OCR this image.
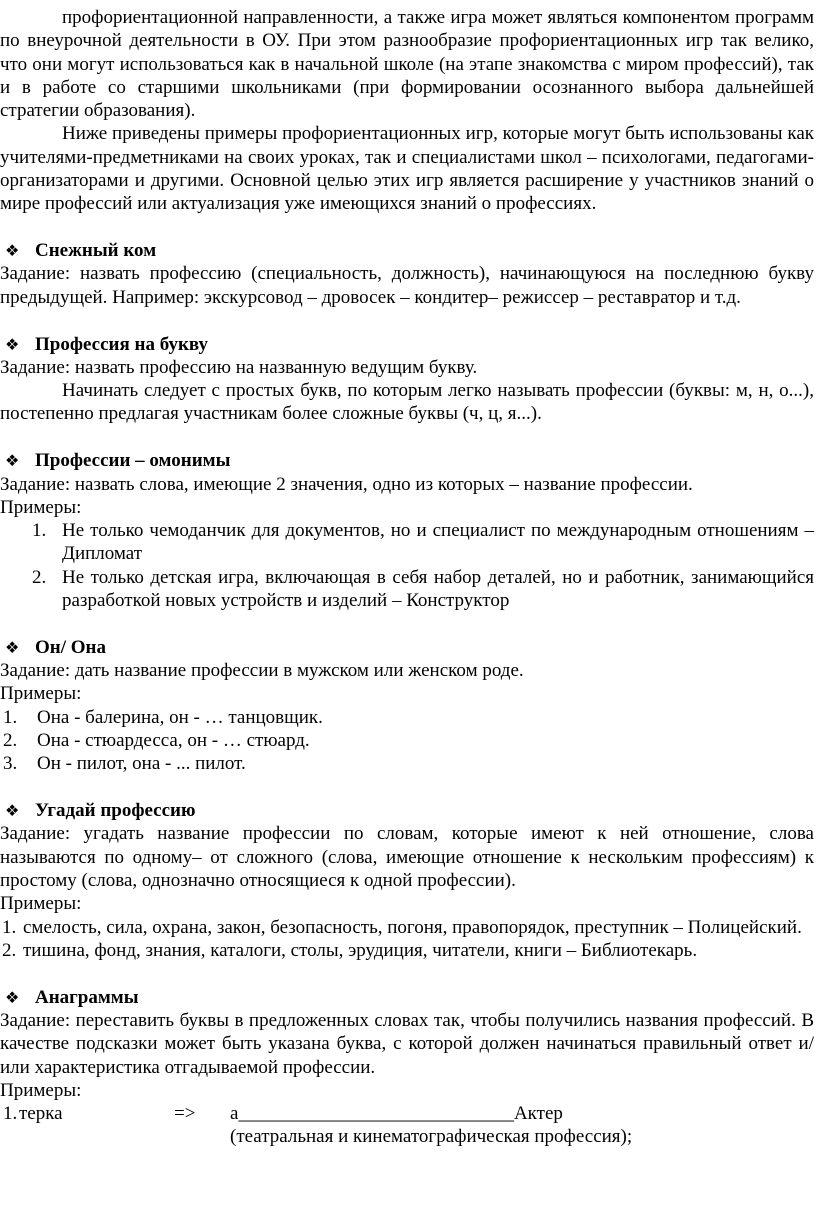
профориентационной направленности, а также игра может являться компонентом программ по внеурочной деятельности в ОУ. При этом разнообразие профориентационных игр так велико, что они могут использоваться как в начальной школе (на этапе знакомства с миром профессий), так и в работе со старшими школьниками (при формировании осознанного выбора дальнейшей стратегии образования).

Ниже приведены примеры профориентационных игр, которые могут быть использованы как учителями-предметниками на своих уроках, так и специалистами школ – психологами, педагогами-организаторами и другими. Основной целью этих игр является расширение у участников знаний о мире профессий или актуализация уже имеющихся знаний о профессиях.

❖ Снежный ком

Задание: назвать профессию (специальность, должность), начинающуюся на последнюю букву предыдущей. Например: экскурсовод – дровосек – кондитер– режиссер – реставратор и т.д.

❖ Профессия на букву

Задание: назвать профессию на названную ведущим букву.

Начинать следует с простых букв, по которым легко называть профессии (буквы: м, н, о...), постепенно предлагая участникам более сложные буквы (ч, ц, я...).

❖ Профессии – омонимы

Задание: назвать слова, имеющие 2 значения, одно из которых – название профессии.

Примеры:

1. Не только чемоданчик для документов, но и специалист по международным отношениям – Дипломат
2. Не только детская игра, включающая в себя набор деталей, но и работник, занимающийся разработкой новых устройств и изделий – Конструктор
❖ Он/ Она

Задание: дать название профессии в мужском или женском роде.

Примеры:

1.	Она - балерина, он - … танцовщик.
2.	Она - стюардесса, он - … стюард.
3.	Он - пилот, она - ... пилот.
❖ Угадай профессию

Задание: угадать название профессии по словам, которые имеют к ней отношение, слова называются по одному– от сложного (слова, имеющие отношение к нескольким профессиям) к простому (слова, однозначно относящиеся к одной профессии).

Примеры:

1. смелость, сила, охрана, закон, безопасность, погоня, правопорядок, преступник – Полицейский.
2. тишина, фонд, знания, каталоги, столы, эрудиция, читатели, книги – Библиотекарь.
❖ Анаграммы

Задание: переставить буквы в предложенных словах так, чтобы получились названия профессий. В качестве подсказки может быть указана буква, с которой должен начинаться правильный ответ и/ или характеристика отгадываемой профессии.

Примеры:

1. терка	=>	а_____________________________Актер
(театральная и кинематографическая профессия);
